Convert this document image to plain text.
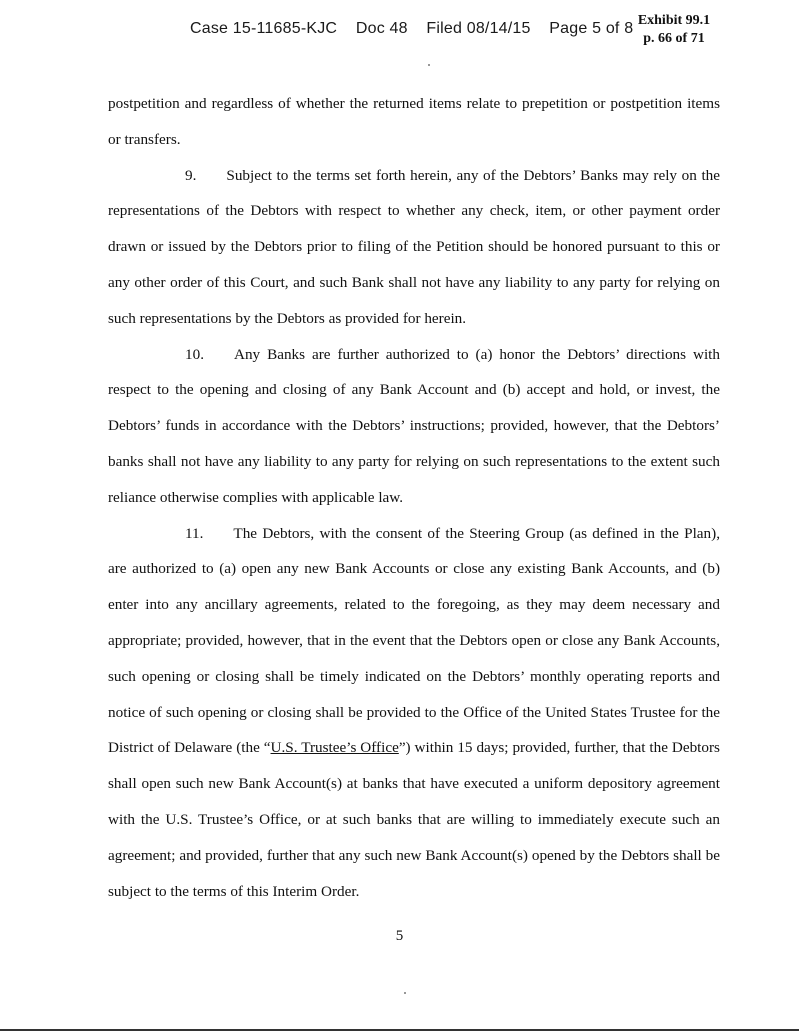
Case 15-11685-KJC Doc 48 Filed 08/14/15 Page 5 of 8 Exhibit 99.1
p. 66 of 71

postpetition and regardless of whether the returned items relate to prepetition or postpetition items or transfers.

9. Subject to the terms set forth herein, any of the Debtors’ Banks may rely on the representations of the Debtors with respect to whether any check, item, or other payment order drawn or issued by the Debtors prior to filing of the Petition should be honored pursuant to this or any other order of this Court, and such Bank shall not have any liability to any party for relying on such representations by the Debtors as provided for herein.

10. Any Banks are further authorized to (a) honor the Debtors’ directions with respect to the opening and closing of any Bank Account and (b) accept and hold, or invest, the Debtors’ funds in accordance with the Debtors’ instructions; provided, however, that the Debtors’ banks shall not have any liability to any party for relying on such representations to the extent such reliance otherwise complies with applicable law.

11. The Debtors, with the consent of the Steering Group (as defined in the Plan), are authorized to (a) open any new Bank Accounts or close any existing Bank Accounts, and (b) enter into any ancillary agreements, related to the foregoing, as they may deem necessary and appropriate; provided, however, that in the event that the Debtors open or close any Bank Accounts, such opening or closing shall be timely indicated on the Debtors’ monthly operating reports and notice of such opening or closing shall be provided to the Office of the United States Trustee for the District of Delaware (the “U.S. Trustee’s Office”) within 15 days; provided, further, that the Debtors shall open such new Bank Account(s) at banks that have executed a uniform depository agreement with the U.S. Trustee’s Office, or at such banks that are willing to immediately execute such an agreement; and provided, further that any such new Bank Account(s) opened by the Debtors shall be subject to the terms of this Interim Order.

5
